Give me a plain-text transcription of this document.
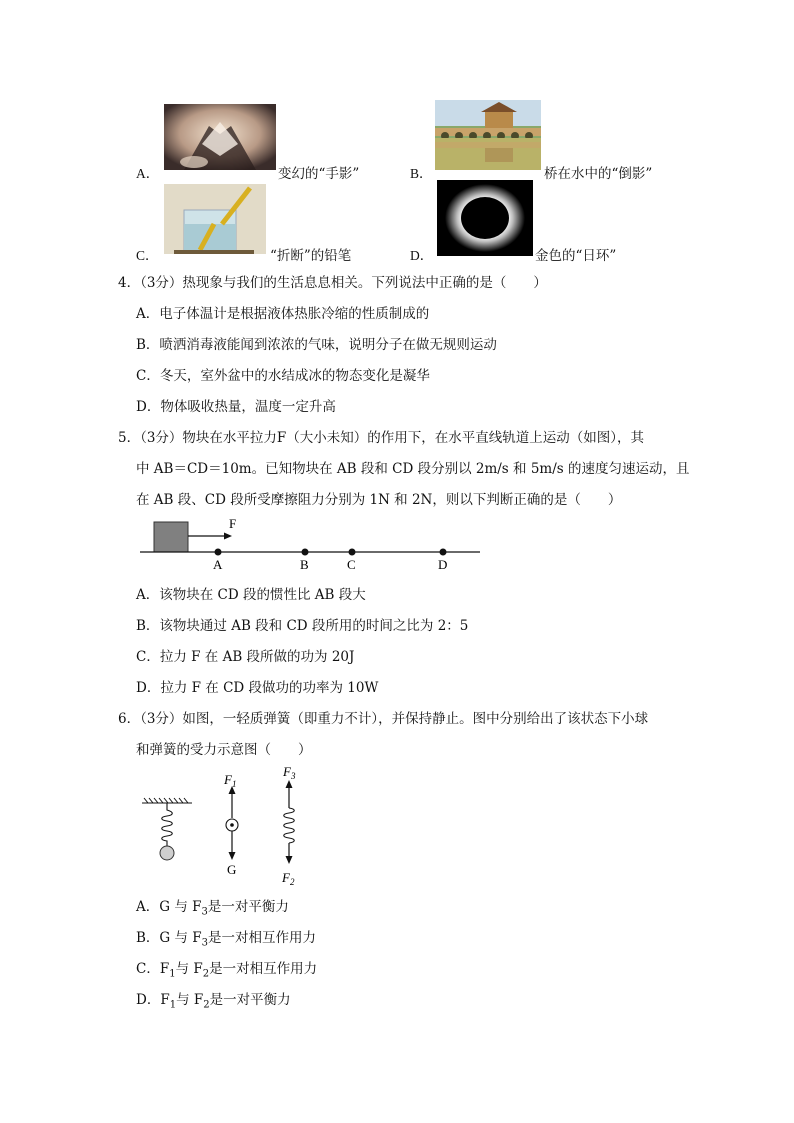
A．	变幻的“手影”	B．	桥在水中的“倒影”
C．	“折断”的铅笔	D．	金色的“日环”
4．（3分）热现象与我们的生活息息相关。下列说法中正确的是（　　）
A．电子体温计是根据液体热胀冷缩的性质制成的
B．喷洒消毒液能闻到浓浓的气味，说明分子在做无规则运动
C．冬天，室外盆中的水结成冰的物态变化是凝华
D．物体吸收热量，温度一定升高
5．（3分）物块在水平拉力F（大小未知）的作用下，在水平直线轨道上运动（如图），其
中 AB＝CD＝10m。已知物块在 AB 段和 CD 段分别以 2m/s 和 5m/s 的速度匀速运动，且
在 AB 段、CD 段所受摩擦阻力分别为 1N 和 2N，则以下判断正确的是（　　）
F
A	B	C	D
A．该物块在 CD 段的惯性比 AB 段大
B．该物块通过 AB 段和 CD 段所用的时间之比为 2：5
C．拉力 F 在 AB 段所做的功为 20J
D．拉力 F 在 CD 段做功的功率为 10W
6．（3分）如图，一轻质弹簧（即重力不计），并保持静止。图中分别给出了该状态下小球
和弹簧的受力示意图（　　）
$F_1$
G
$F_3$
$F_2$
A．G 与 $F_3$是一对平衡力
B．G 与 $F_3$是一对相互作用力
C．$F_1$与 $F_2$是一对相互作用力
D．$F_1$与 $F_2$是一对平衡力
